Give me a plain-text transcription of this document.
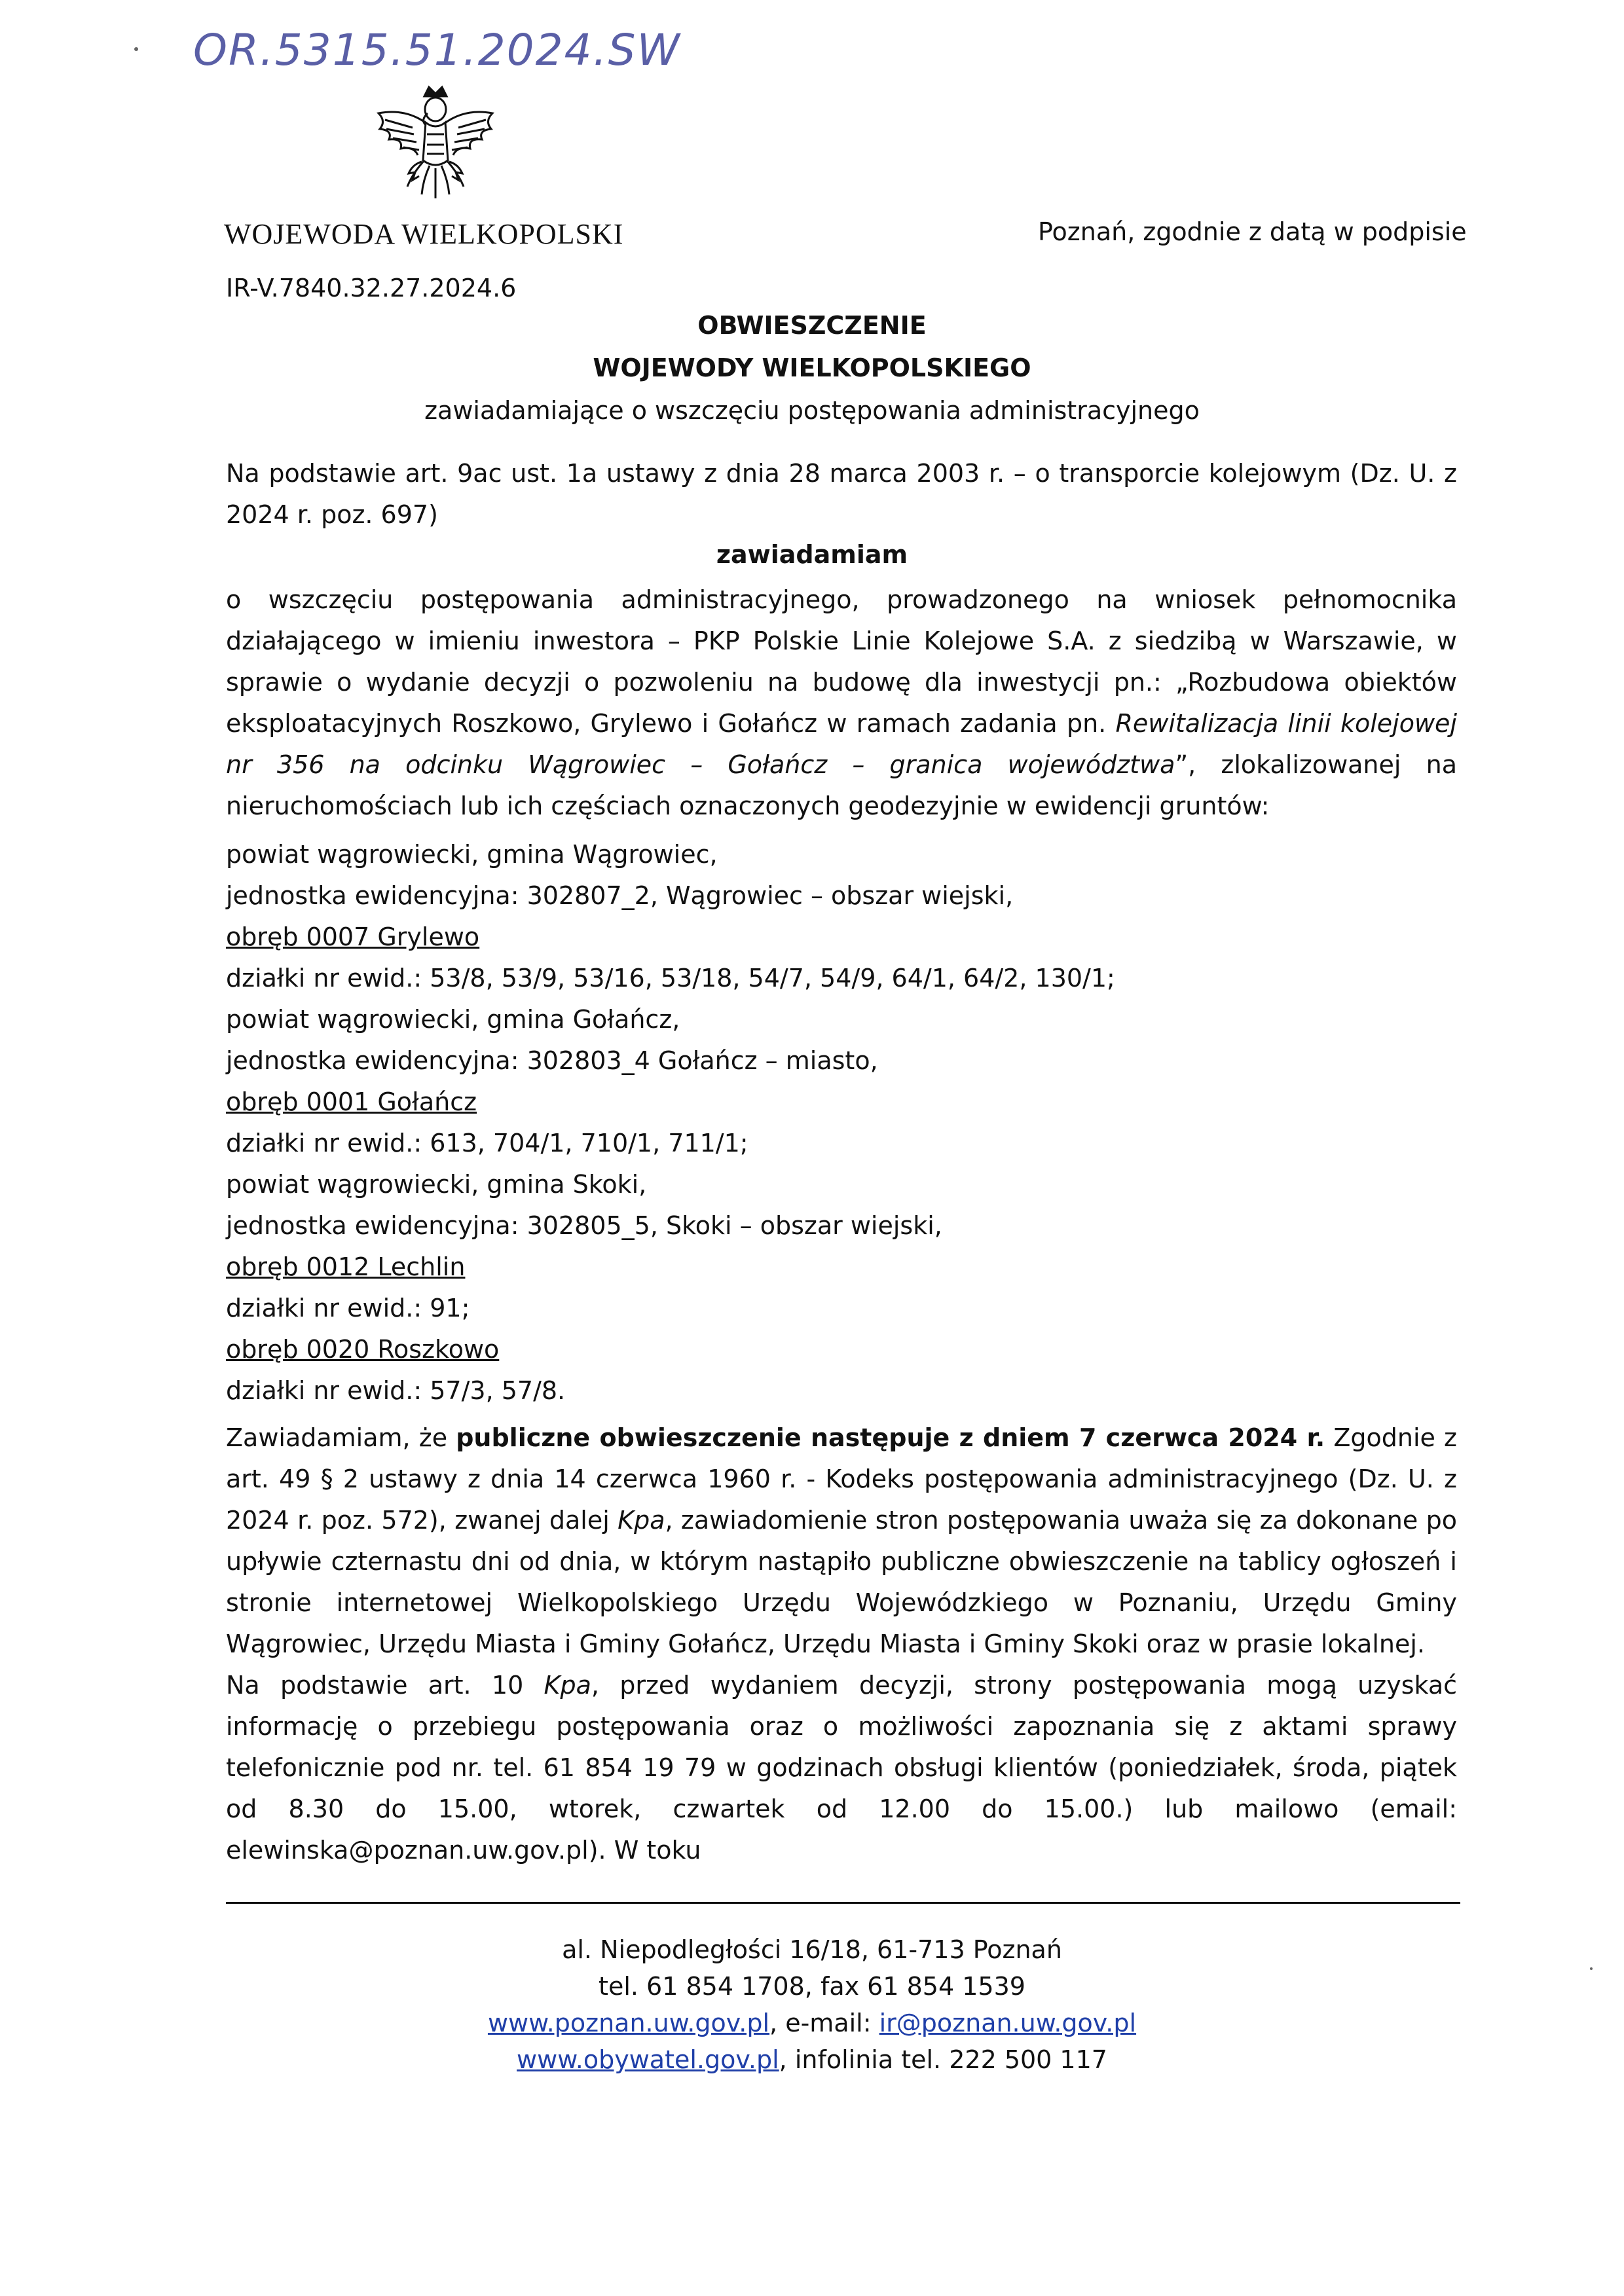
OR.5315.51.2024.SW
WOJEWODA WIELKOPOLSKI	Poznań, zgodnie z datą w podpisie
IR-V.7840.32.27.2024.6
OBWIESZCZENIE
WOJEWODY WIELKOPOLSKIEGO
zawiadamiające o wszczęciu postępowania administracyjnego

Na podstawie art. 9ac ust. 1a ustawy z dnia 28 marca 2003 r. – o transporcie kolejowym (Dz. U. z 2024 r. poz. 697)

zawiadamiam

o wszczęciu postępowania administracyjnego, prowadzonego na wniosek pełnomocnika działającego w imieniu inwestora – PKP Polskie Linie Kolejowe S.A. z siedzibą w Warszawie, w sprawie o wydanie decyzji o pozwoleniu na budowę dla inwestycji pn.: „Rozbudowa obiektów eksploatacyjnych Roszkowo, Grylewo i Gołańcz w ramach zadania pn. Rewitalizacja linii kolejowej nr 356 na odcinku Wągrowiec – Gołańcz – granica województwa”, zlokalizowanej na nieruchomościach lub ich częściach oznaczonych geodezyjnie w ewidencji gruntów:

powiat wągrowiecki, gmina Wągrowiec,
jednostka ewidencyjna: 302807_2, Wągrowiec – obszar wiejski,
obręb 0007 Grylewo
działki nr ewid.: 53/8, 53/9, 53/16, 53/18, 54/7, 54/9, 64/1, 64/2, 130/1;
powiat wągrowiecki, gmina Gołańcz,
jednostka ewidencyjna: 302803_4 Gołańcz – miasto,
obręb 0001 Gołańcz
działki nr ewid.: 613, 704/1, 710/1, 711/1;
powiat wągrowiecki, gmina Skoki,
jednostka ewidencyjna: 302805_5, Skoki – obszar wiejski,
obręb 0012 Lechlin
działki nr ewid.: 91;
obręb 0020 Roszkowo
działki nr ewid.: 57/3, 57/8.

Zawiadamiam, że publiczne obwieszczenie następuje z dniem 7 czerwca 2024 r. Zgodnie z art. 49 § 2 ustawy z dnia 14 czerwca 1960 r. - Kodeks postępowania administracyjnego (Dz. U. z 2024 r. poz. 572), zwanej dalej Kpa, zawiadomienie stron postępowania uważa się za dokonane po upływie czternastu dni od dnia, w którym nastąpiło publiczne obwieszczenie na tablicy ogłoszeń i stronie internetowej Wielkopolskiego Urzędu Wojewódzkiego w Poznaniu, Urzędu Gminy Wągrowiec, Urzędu Miasta i Gminy Gołańcz, Urzędu Miasta i Gminy Skoki oraz w prasie lokalnej.

Na podstawie art. 10 Kpa, przed wydaniem decyzji, strony postępowania mogą uzyskać informację o przebiegu postępowania oraz o możliwości zapoznania się z aktami sprawy telefonicznie pod nr. tel. 61 854 19 79 w godzinach obsługi klientów (poniedziałek, środa, piątek od 8.30 do 15.00, wtorek, czwartek od 12.00 do 15.00.) lub mailowo (email: elewinska@poznan.uw.gov.pl). W toku

al. Niepodległości 16/18, 61-713 Poznań
tel. 61 854 1708, fax 61 854 1539
www.poznan.uw.gov.pl, e-mail: ir@poznan.uw.gov.pl
www.obywatel.gov.pl, infolinia tel. 222 500 117
